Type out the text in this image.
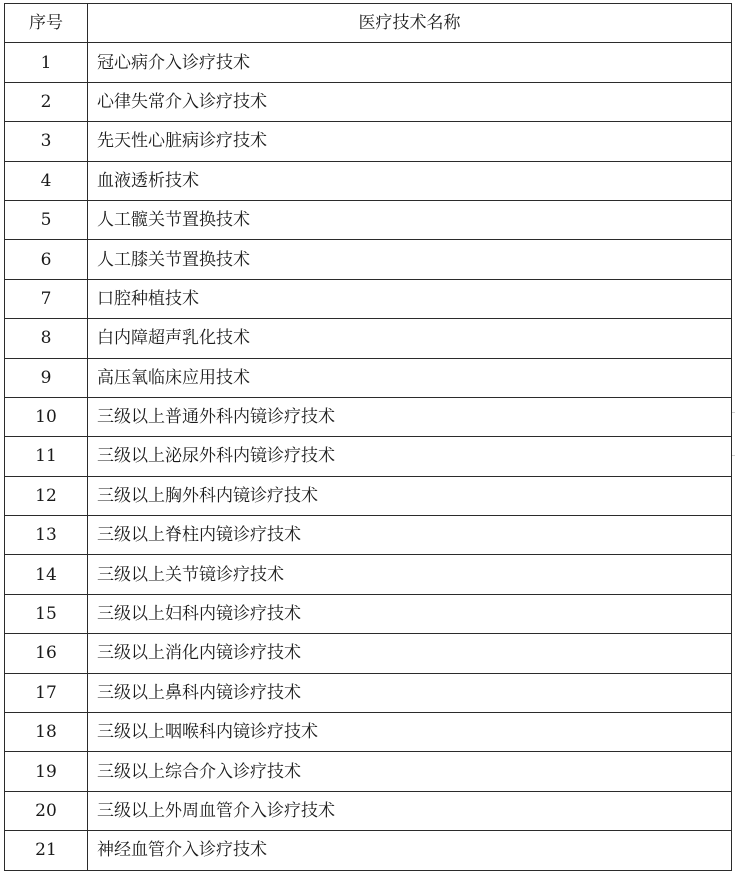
序号	医疗技术名称
1	冠心病介入诊疗技术
2	心律失常介入诊疗技术
3	先天性心脏病诊疗技术
4	血液透析技术
5	人工髋关节置换技术
6	人工膝关节置换技术
7	口腔种植技术
8	白内障超声乳化技术
9	高压氧临床应用技术
10	三级以上普通外科内镜诊疗技术
11	三级以上泌尿外科内镜诊疗技术
12	三级以上胸外科内镜诊疗技术
13	三级以上脊柱内镜诊疗技术
14	三级以上关节镜诊疗技术
15	三级以上妇科内镜诊疗技术
16	三级以上消化内镜诊疗技术
17	三级以上鼻科内镜诊疗技术
18	三级以上咽喉科内镜诊疗技术
19	三级以上综合介入诊疗技术
20	三级以上外周血管介入诊疗技术
21	神经血管介入诊疗技术
